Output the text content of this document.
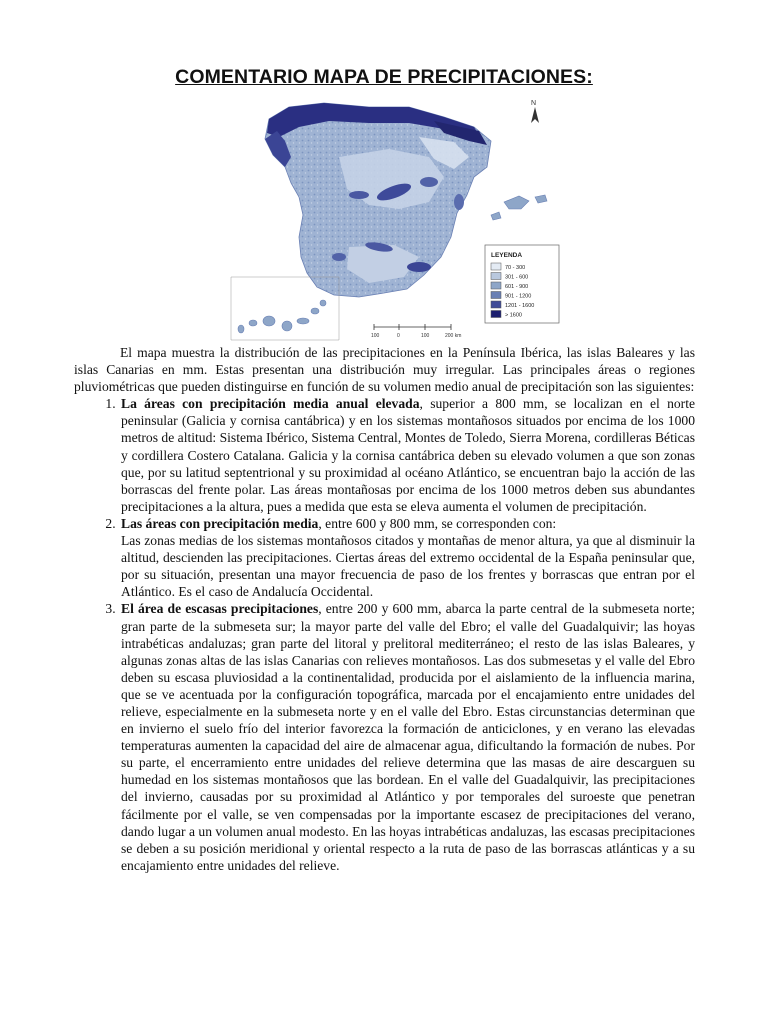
COMENTARIO MAPA DE PRECIPITACIONES:
N
LEYENDA
70 - 300
301 - 600
601 - 900
901 - 1200
1201 - 1600
> 1600
100	0	100	200 km

El mapa muestra la distribución de las precipitaciones en la Península Ibérica, las islas Baleares y las islas Canarias en mm. Estas presentan una distribución muy irregular. Las principales áreas o regiones pluviométricas que pueden distinguirse en función de su volumen medio anual de precipitación son las siguientes:

1. La áreas con precipitación media anual elevada, superior a 800 mm, se localizan en el norte peninsular (Galicia y cornisa cantábrica) y en los sistemas montañosos situados por encima de los 1000 metros de altitud: Sistema Ibérico, Sistema Central, Montes de Toledo, Sierra Morena, cordilleras Béticas y cordillera Costero Catalana. Galicia y la cornisa cantábrica deben su elevado volumen a que son zonas que, por su latitud septentrional y su proximidad al océano Atlántico, se encuentran bajo la acción de las borrascas del frente polar. Las áreas montañosas por encima de los 1000 metros deben sus abundantes precipitaciones a la altura, pues a medida que esta se eleva aumenta el volumen de precipitación.
2. Las áreas con precipitación media, entre 600 y 800 mm, se corresponden con:
Las zonas medias de los sistemas montañosos citados y montañas de menor altura, ya que al disminuir la altitud, descienden las precipitaciones. Ciertas áreas del extremo occidental de la España peninsular que, por su situación, presentan una mayor frecuencia de paso de los frentes y borrascas que entran por el Atlántico. Es el caso de Andalucía Occidental.
3. El área de escasas precipitaciones, entre 200 y 600 mm, abarca la parte central de la submeseta norte; gran parte de la submeseta sur; la mayor parte del valle del Ebro; el valle del Guadalquivir; las hoyas intrabéticas andaluzas; gran parte del litoral y prelitoral mediterráneo; el resto de las islas Baleares, y algunas zonas altas de las islas Canarias con relieves montañosos. Las dos submesetas y el valle del Ebro deben su escasa pluviosidad a la continentalidad, producida por el aislamiento de la influencia marina, que se ve acentuada por la configuración topográfica, marcada por el encajamiento entre unidades del relieve, especialmente en la submeseta norte y en el valle del Ebro. Estas circunstancias determinan que en invierno el suelo frío del interior favorezca la formación de anticiclones, y en verano las elevadas temperaturas aumenten la capacidad del aire de almacenar agua, dificultando la formación de nubes. Por su parte, el encerramiento entre unidades del relieve determina que las masas de aire descarguen su humedad en los sistemas montañosos que las bordean. En el valle del Guadalquivir, las precipitaciones del invierno, causadas por su proximidad al Atlántico y por temporales del suroeste que penetran fácilmente por el valle, se ven compensadas por la importante escasez de precipitaciones del verano, dando lugar a un volumen anual modesto. En las hoyas intrabéticas andaluzas, las escasas precipitaciones se deben a su posición meridional y oriental respecto a la ruta de paso de las borrascas atlánticas y a su encajamiento entre unidades del relieve.
